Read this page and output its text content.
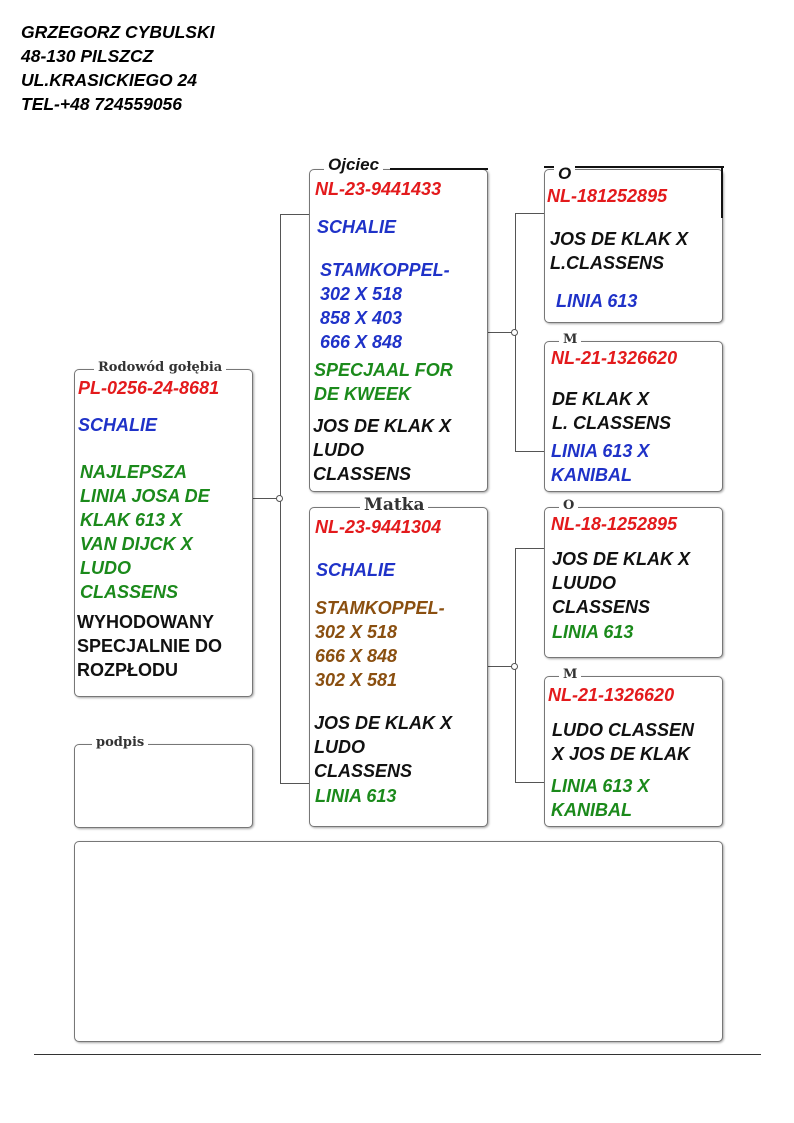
GRZEGORZ CYBULSKI
48-130 PILSZCZ
UL.KRASICKIEGO 24
TEL-+48 724559056
Rodowód gołębia
PL-0256-24-8681
SCHALIE
NAJLEPSZA
LINIA JOSA DE
KLAK 613 X
VAN DIJCK X
LUDO
CLASSENS
WYHODOWANY
SPECJALNIE DO
ROZPŁODU
podpis
Ojciec
NL-23-9441433
SCHALIE
STAMKOPPEL-
302 X 518
858 X 403
666 X 848
SPECJAAL FOR
DE KWEEK
JOS DE KLAK X
LUDO
CLASSENS
Matka
NL-23-9441304
SCHALIE
STAMKOPPEL-
302 X 518
666 X 848
302 X 581
JOS DE KLAK X
LUDO
CLASSENS
LINIA 613
O
NL-181252895
JOS DE KLAK X
L.CLASSENS
LINIA 613
M
NL-21-1326620
DE KLAK X
L. CLASSENS
LINIA 613 X
KANIBAL
O
NL-18-1252895
JOS DE KLAK X
LUUDO
CLASSENS
LINIA 613
M
NL-21-1326620
LUDO CLASSEN
X JOS DE KLAK
LINIA 613 X
KANIBAL
